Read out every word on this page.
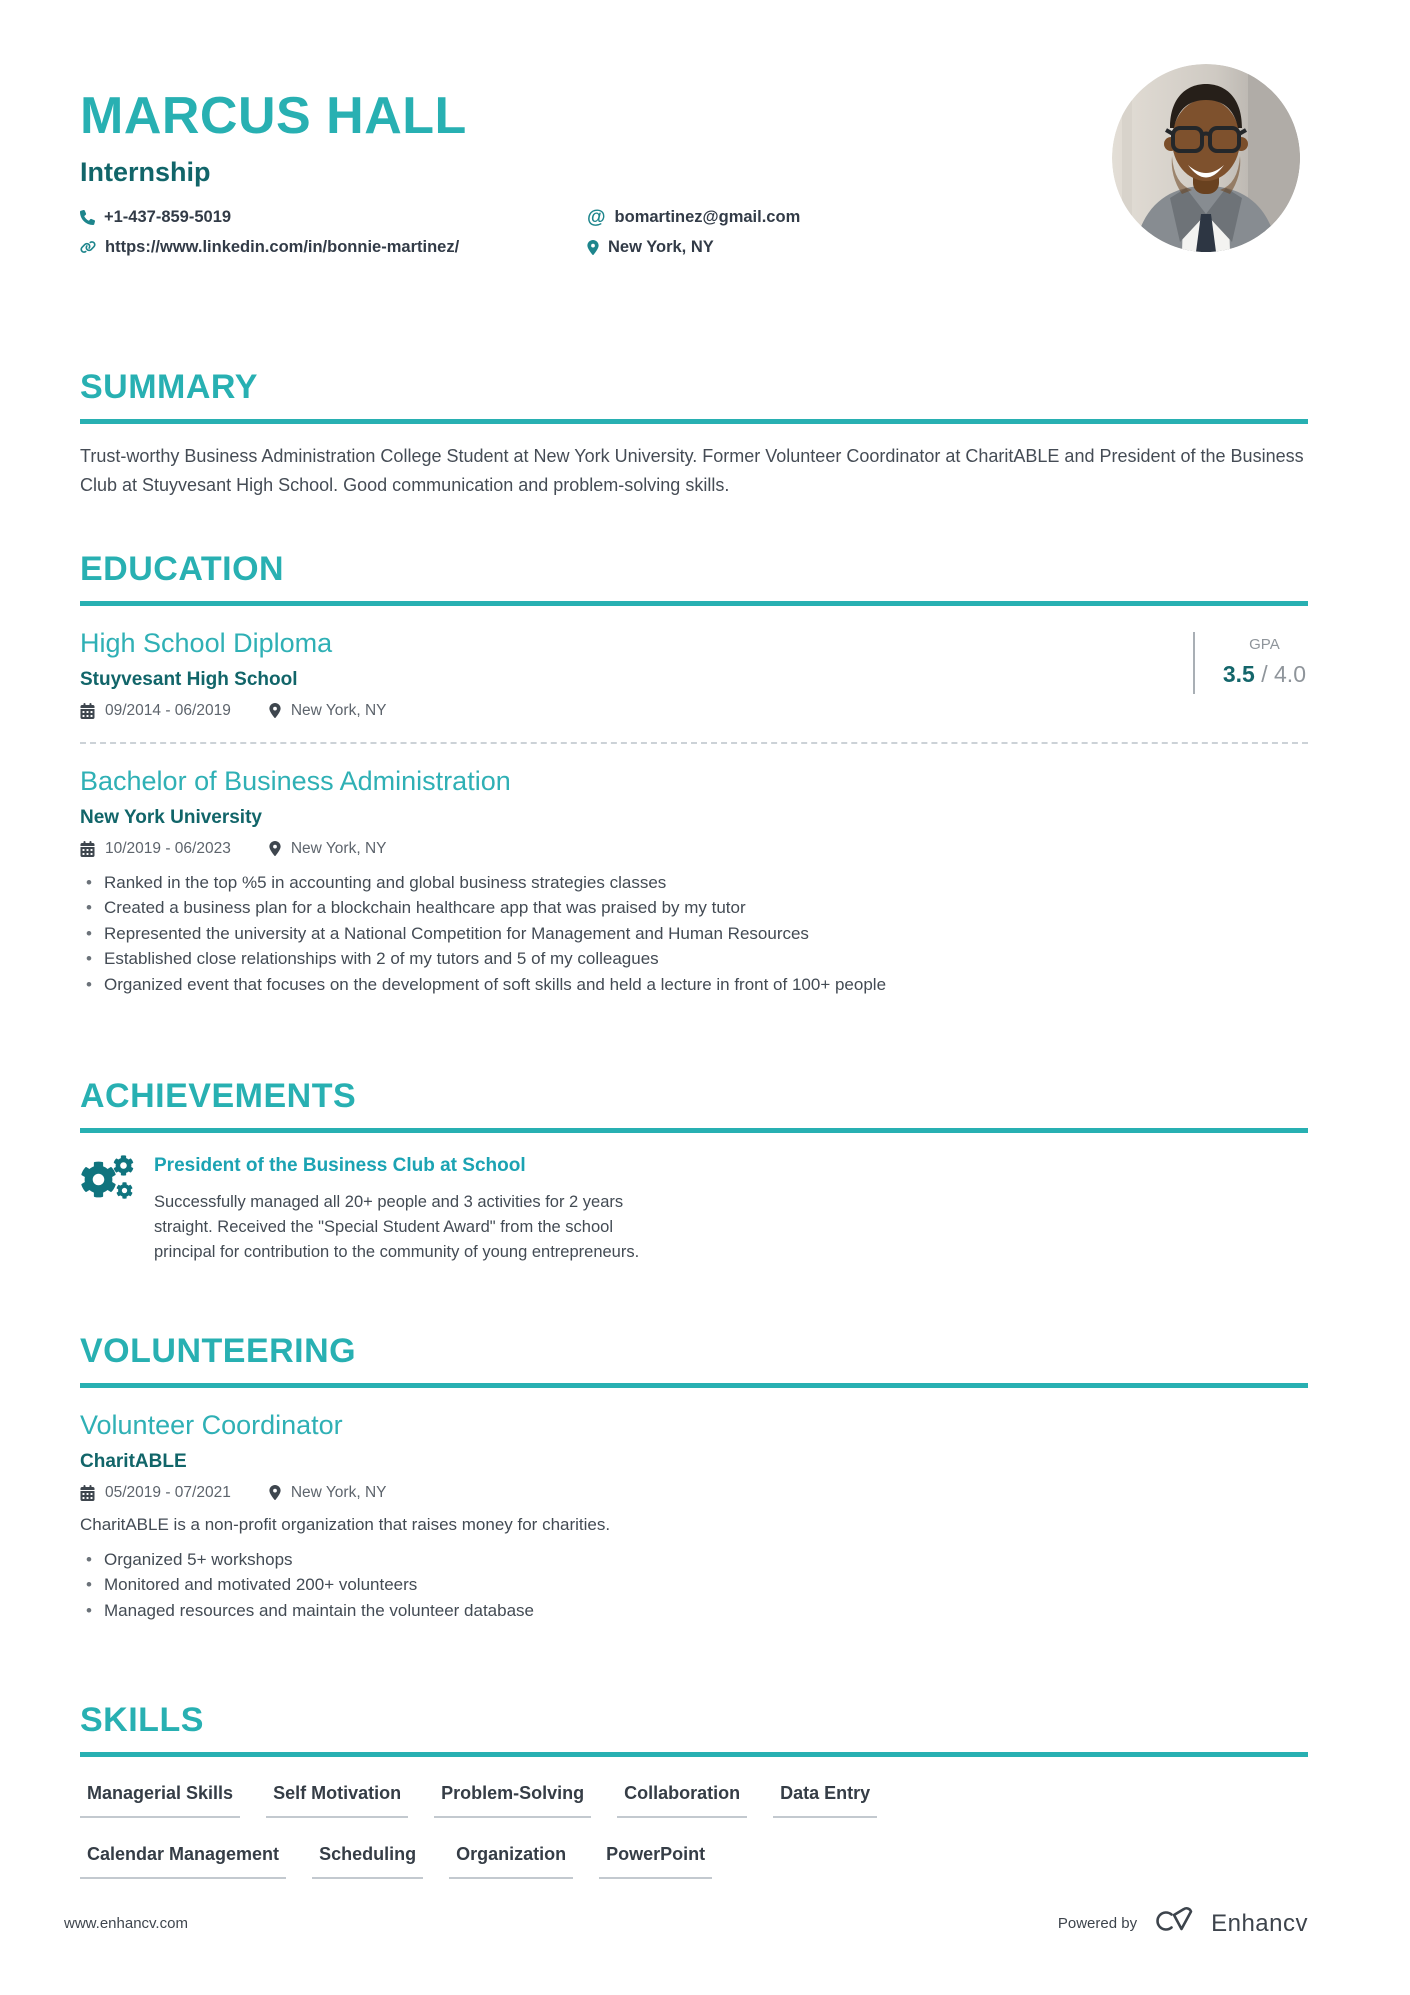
MARCUS HALL
Internship
+1-437-859-5019	@ bomartinez@gmail.com
https://www.linkedin.com/in/bonnie-martinez/	New York, NY
SUMMARY
Trust-worthy Business Administration College Student at New York University. Former Volunteer Coordinator at CharitABLE and President of the Business Club at Stuyvesant High School. Good communication and problem-solving skills.
EDUCATION
High School Diploma
Stuyvesant High School
09/2014 - 06/2019	New York, NY
GPA
3.5 / 4.0
Bachelor of Business Administration
New York University
10/2019 - 06/2023	New York, NY
• Ranked in the top %5 in accounting and global business strategies classes
• Created a business plan for a blockchain healthcare app that was praised by my tutor
• Represented the university at a National Competition for Management and Human Resources
• Established close relationships with 2 of my tutors and 5 of my colleagues
• Organized event that focuses on the development of soft skills and held a lecture in front of 100+ people
ACHIEVEMENTS
President of the Business Club at School
Successfully managed all 20+ people and 3 activities for 2 years straight. Received the "Special Student Award" from the school principal for contribution to the community of young entrepreneurs.
VOLUNTEERING
Volunteer Coordinator
CharitABLE
05/2019 - 07/2021	New York, NY
CharitABLE is a non-profit organization that raises money for charities.
• Organized 5+ workshops
• Monitored and motivated 200+ volunteers
• Managed resources and maintain the volunteer database
SKILLS
Managerial Skills	Self Motivation	Problem-Solving	Collaboration	Data Entry
Calendar Management	Scheduling	Organization	PowerPoint
www.enhancv.com	Powered by	Enhancv
